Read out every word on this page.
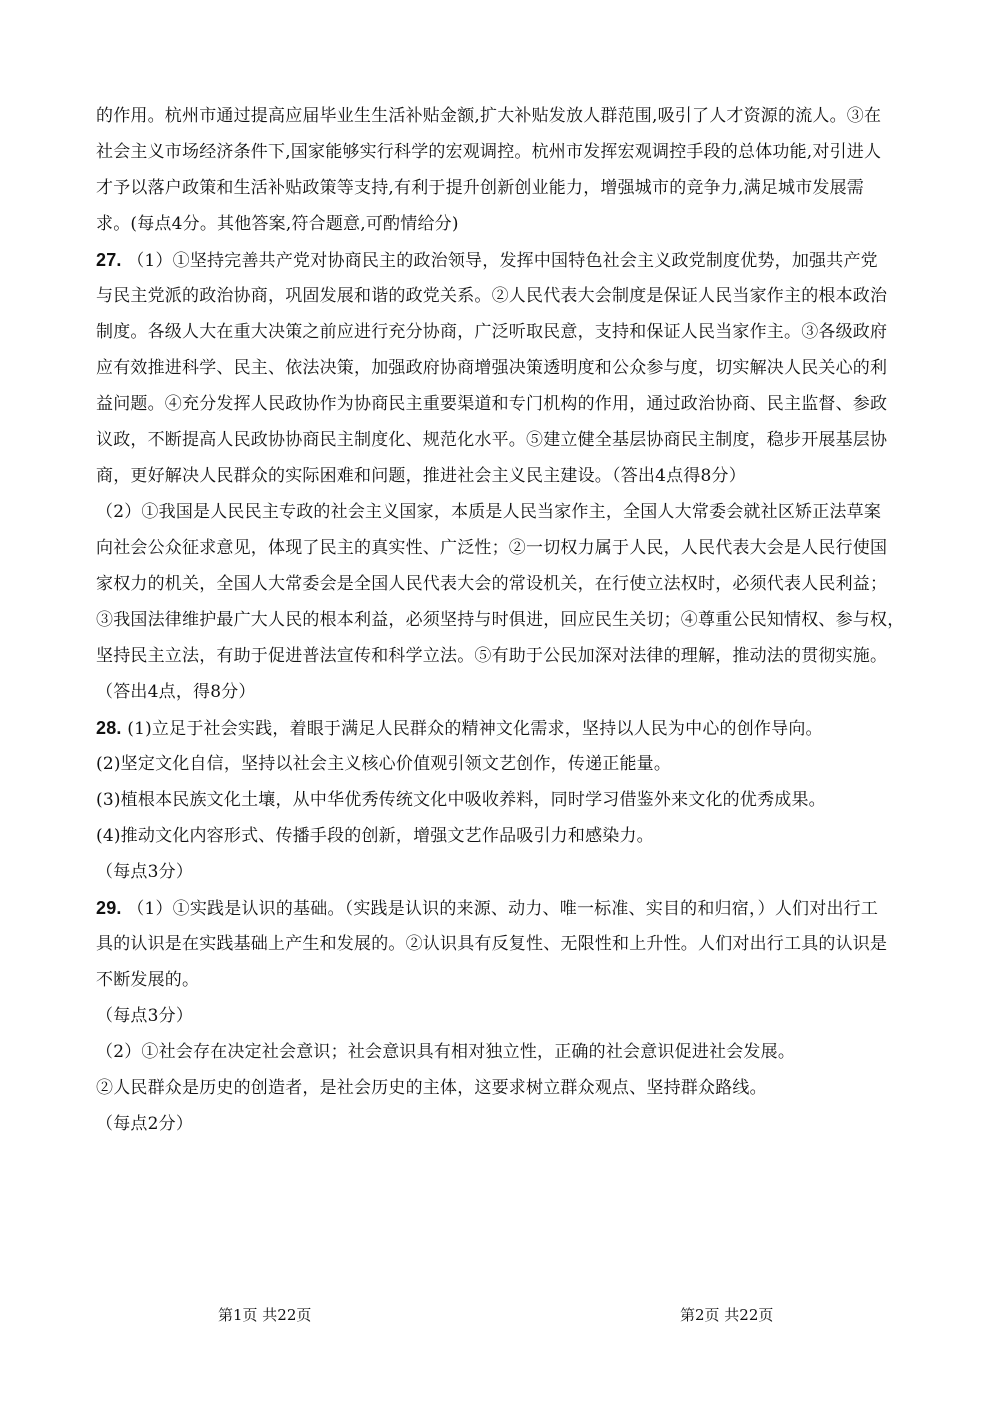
的作用。杭州市通过提高应届毕业生生活补贴金额,扩大补贴发放人群范围,吸引了人才资源的流人。③在
社会主义市场经济条件下,国家能够实行科学的宏观调控。杭州市发挥宏观调控手段的总体功能,对引进人
才予以落户政策和生活补贴政策等支持,有利于提升创新创业能力，增强城市的竞争力,满足城市发展需
求。(每点4分。其他答案,符合题意,可酌情给分)
27. （1）①坚持完善共产党对协商民主的政治领导，发挥中国特色社会主义政党制度优势，加强共产党
与民主党派的政治协商，巩固发展和谐的政党关系。②人民代表大会制度是保证人民当家作主的根本政治
制度。各级人大在重大决策之前应进行充分协商，广泛听取民意，支持和保证人民当家作主。③各级政府
应有效推进科学、民主、依法决策，加强政府协商增强决策透明度和公众参与度，切实解决人民关心的利
益问题。④充分发挥人民政协作为协商民主重要渠道和专门机构的作用，通过政治协商、民主监督、参政
议政，不断提高人民政协协商民主制度化、规范化水平。⑤建立健全基层协商民主制度，稳步开展基层协
商，更好解决人民群众的实际困难和问题，推进社会主义民主建设。（答出4点得8分）
（2）①我国是人民民主专政的社会主义国家，本质是人民当家作主，全国人大常委会就社区矫正法草案
向社会公众征求意见，体现了民主的真实性、广泛性；②一切权力属于人民，人民代表大会是人民行使国
家权力的机关，全国人大常委会是全国人民代表大会的常设机关，在行使立法权时，必须代表人民利益；
③我国法律维护最广大人民的根本利益，必须坚持与时俱进，回应民生关切；④尊重公民知情权、参与权，
坚持民主立法，有助于促进普法宣传和科学立法。⑤有助于公民加深对法律的理解，推动法的贯彻实施。
（答出4点，得8分）
28. (1)立足于社会实践，着眼于满足人民群众的精神文化需求，坚持以人民为中心的创作导向。
(2)坚定文化自信，坚持以社会主义核心价值观引领文艺创作，传递正能量。
(3)植根本民族文化土壤，从中华优秀传统文化中吸收养料，同时学习借鉴外来文化的优秀成果。
(4)推动文化内容形式、传播手段的创新，增强文艺作品吸引力和感染力。
（每点3分）
29. （1）①实践是认识的基础。（实践是认识的来源、动力、唯一标准、实目的和归宿，）人们对出行工
具的认识是在实践基础上产生和发展的。②认识具有反复性、无限性和上升性。人们对出行工具的认识是
不断发展的。
（每点3分）
（2）①社会存在决定社会意识；社会意识具有相对独立性，正确的社会意识促进社会发展。
②人民群众是历史的创造者，是社会历史的主体，这要求树立群众观点、坚持群众路线。
（每点2分）
第1页 共22页	第2页 共22页
